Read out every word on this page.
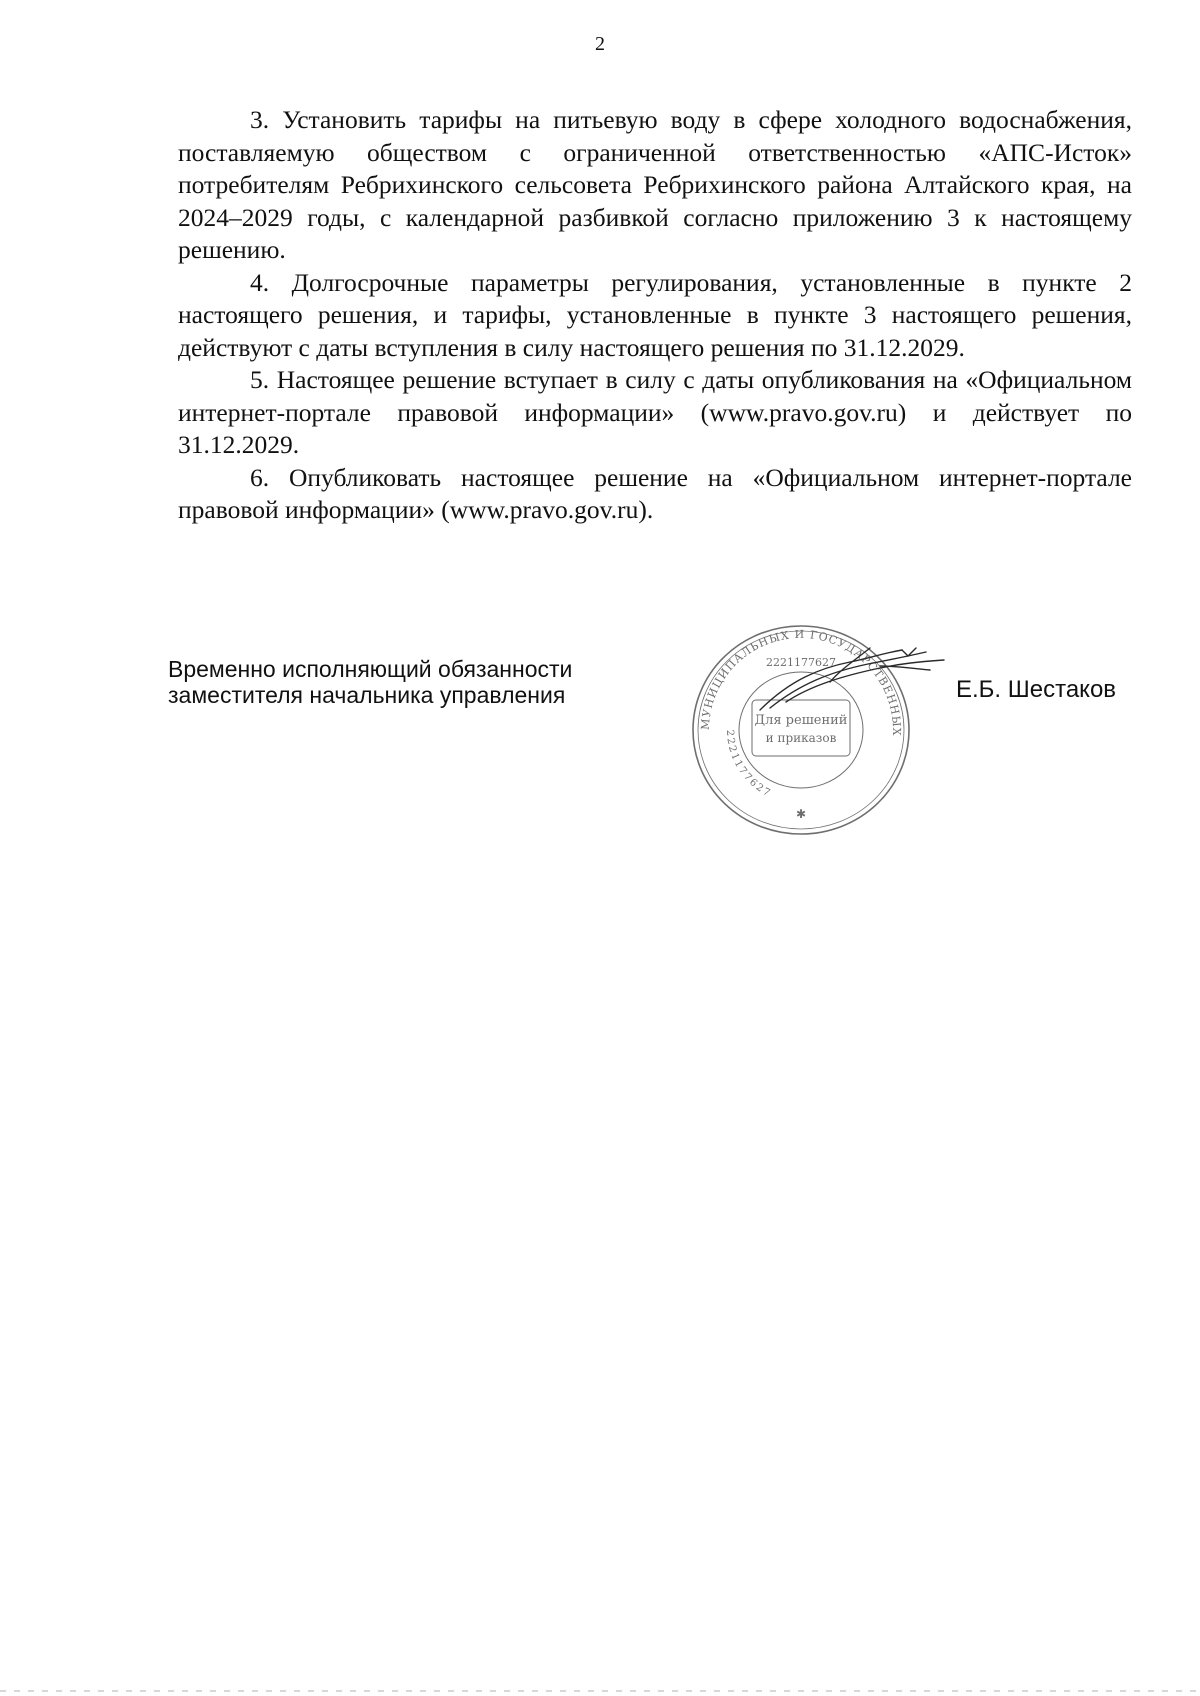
2

3. Установить тарифы на питьевую воду в сфере холодного водоснабжения, поставляемую обществом с ограниченной ответственностью «АПС-Исток» потребителям Ребрихинского сельсовета Ребрихинского района Алтайского края, на 2024–2029 годы, с календарной разбивкой согласно приложению 3 к настоящему решению.

4. Долгосрочные параметры регулирования, установленные в пункте 2 настоящего решения, и тарифы, установленные в пункте 3 настоящего решения, действуют с даты вступления в силу настоящего решения по 31.12.2029.

5. Настоящее решение вступает в силу с даты опубликования на «Официальном интернет-портале правовой информации» (www.pravo.gov.ru) и действует по 31.12.2029.

6. Опубликовать настоящее решение на «Официальном интернет-портале правовой информации» (www.pravo.gov.ru).

Временно исполняющий обязанности
заместителя начальника управления
МУНИЦИПАЛЬНЫХ И ГОСУДАРСТВЕННЫХ
2221177627
2221177627
Для решений
и приказов
✱
Е.Б. Шестаков
